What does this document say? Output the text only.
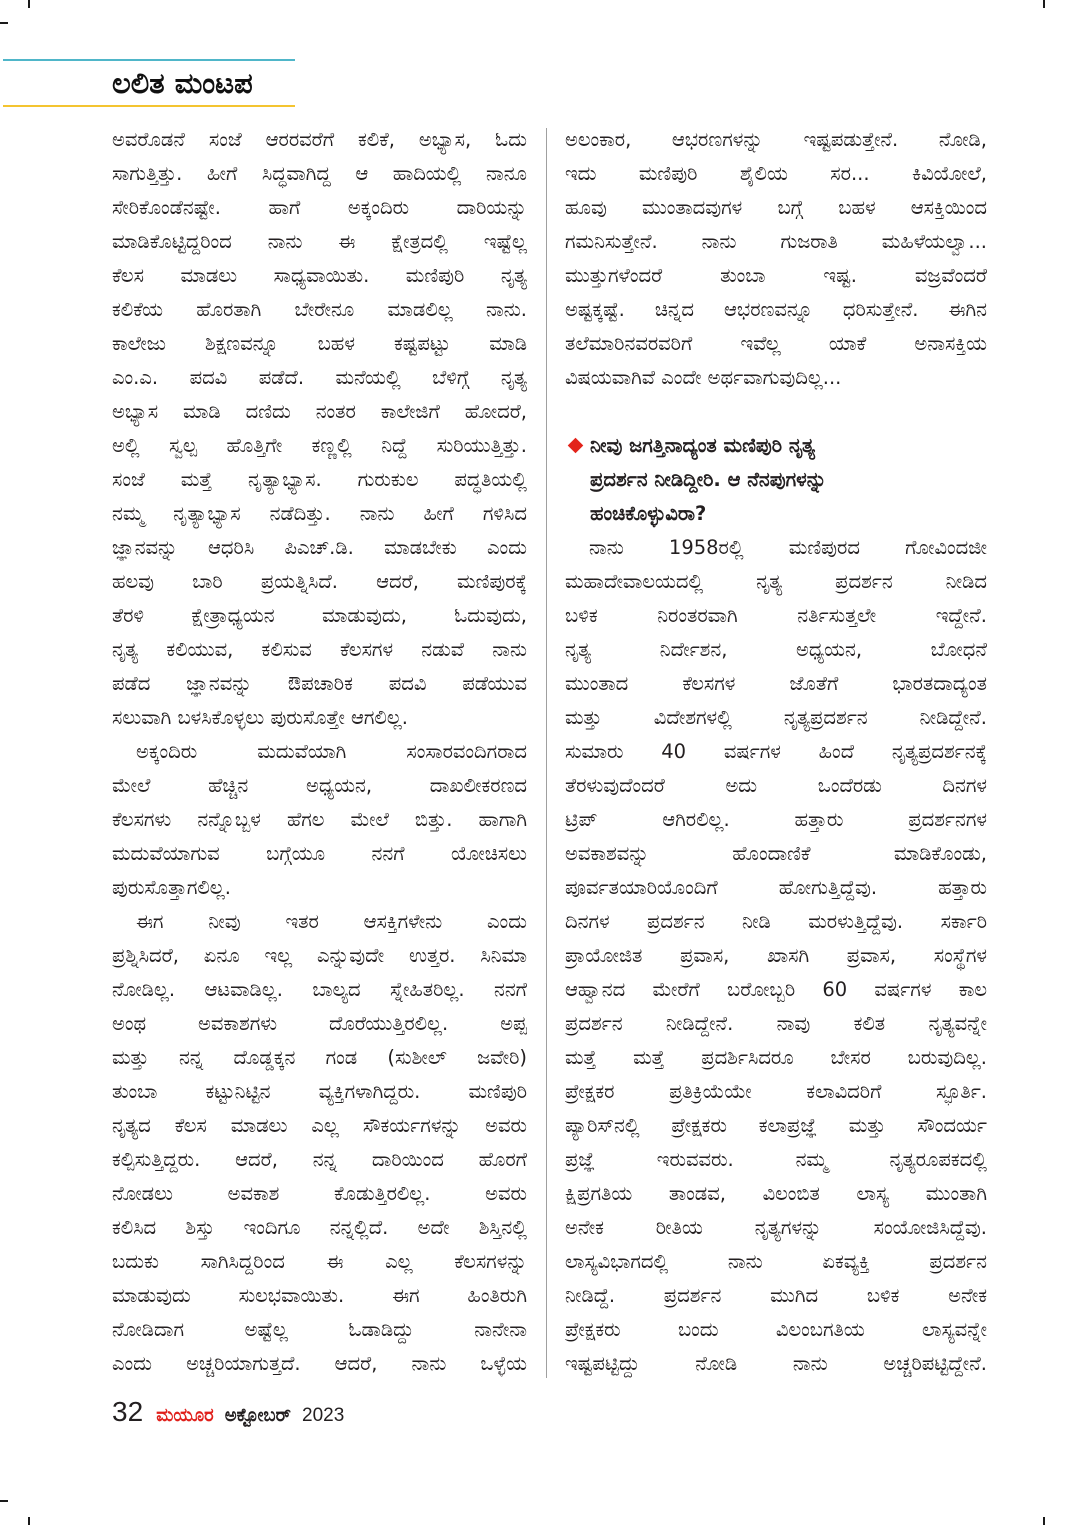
ಲಲಿತ ಮಂಟಪ
ಅವರೊಡನೆ ಸಂಜೆ ಆರರವರೆಗೆ ಕಲಿಕೆ, ಅಭ್ಯಾಸ, ಓದು
ಸಾಗುತ್ತಿತ್ತು. ಹೀಗೆ ಸಿದ್ಧವಾಗಿದ್ದ ಆ ಹಾದಿಯಲ್ಲಿ ನಾನೂ
ಸೇರಿಕೊಂಡೆನಷ್ಟೇ. ಹಾಗೆ ಅಕ್ಕಂದಿರು ದಾರಿಯನ್ನು
ಮಾಡಿಕೊಟ್ಟಿದ್ದರಿಂದ ನಾನು ಈ ಕ್ಷೇತ್ರದಲ್ಲಿ ಇಷ್ಟೆಲ್ಲ
ಕೆಲಸ ಮಾಡಲು ಸಾಧ್ಯವಾಯಿತು. ಮಣಿಪುರಿ ನೃತ್ಯ
ಕಲಿಕೆಯ ಹೊರತಾಗಿ ಬೇರೇನೂ ಮಾಡಲಿಲ್ಲ ನಾನು.
ಕಾಲೇಜು ಶಿಕ್ಷಣವನ್ನೂ ಬಹಳ ಕಷ್ಟಪಟ್ಟು ಮಾಡಿ
ಎಂ.ಎ. ಪದವಿ ಪಡೆದೆ. ಮನೆಯಲ್ಲಿ ಬೆಳಿಗ್ಗೆ ನೃತ್ಯ
ಅಭ್ಯಾಸ ಮಾಡಿ ದಣಿದು ನಂತರ ಕಾಲೇಜಿಗೆ ಹೋದರೆ,
ಅಲ್ಲಿ ಸ್ವಲ್ಪ ಹೊತ್ತಿಗೇ ಕಣ್ಣಲ್ಲಿ ನಿದ್ದೆ ಸುರಿಯುತ್ತಿತ್ತು.
ಸಂಜೆ ಮತ್ತೆ ನೃತ್ಯಾಭ್ಯಾಸ. ಗುರುಕುಲ ಪದ್ಧತಿಯಲ್ಲಿ
ನಮ್ಮ ನೃತ್ಯಾಭ್ಯಾಸ ನಡೆದಿತ್ತು. ನಾನು ಹೀಗೆ ಗಳಿಸಿದ
ಜ್ಞಾನವನ್ನು ಆಧರಿಸಿ ಪಿಎಚ್.ಡಿ. ಮಾಡಬೇಕು ಎಂದು
ಹಲವು ಬಾರಿ ಪ್ರಯತ್ನಿಸಿದೆ. ಆದರೆ, ಮಣಿಪುರಕ್ಕೆ
ತೆರಳಿ ಕ್ಷೇತ್ರಾಧ್ಯಯನ ಮಾಡುವುದು, ಓದುವುದು,
ನೃತ್ಯ ಕಲಿಯುವ, ಕಲಿಸುವ ಕೆಲಸಗಳ ನಡುವೆ ನಾನು
ಪಡೆದ ಜ್ಞಾನವನ್ನು ಔಪಚಾರಿಕ ಪದವಿ ಪಡೆಯುವ
ಸಲುವಾಗಿ ಬಳಸಿಕೊಳ್ಳಲು ಪುರುಸೊತ್ತೇ ಆಗಲಿಲ್ಲ.
ಅಕ್ಕಂದಿರು ಮದುವೆಯಾಗಿ ಸಂಸಾರವಂದಿಗರಾದ
ಮೇಲೆ ಹೆಚ್ಚಿನ ಅಧ್ಯಯನ, ದಾಖಲೀಕರಣದ
ಕೆಲಸಗಳು ನನ್ನೊಬ್ಬಳ ಹೆಗಲ ಮೇಲೆ ಬಿತ್ತು. ಹಾಗಾಗಿ
ಮದುವೆಯಾಗುವ ಬಗ್ಗೆಯೂ ನನಗೆ ಯೋಚಿಸಲು
ಪುರುಸೊತ್ತಾಗಲಿಲ್ಲ.
ಈಗ ನೀವು ಇತರ ಆಸಕ್ತಿಗಳೇನು ಎಂದು
ಪ್ರಶ್ನಿಸಿದರೆ, ಏನೂ ಇಲ್ಲ ಎನ್ನುವುದೇ ಉತ್ತರ. ಸಿನಿಮಾ
ನೋಡಿಲ್ಲ. ಆಟವಾಡಿಲ್ಲ. ಬಾಲ್ಯದ ಸ್ನೇಹಿತರಿಲ್ಲ. ನನಗೆ
ಅಂಥ ಅವಕಾಶಗಳು ದೊರೆಯುತ್ತಿರಲಿಲ್ಲ. ಅಪ್ಪ
ಮತ್ತು ನನ್ನ ದೊಡ್ಡಕ್ಕನ ಗಂಡ (ಸುಶೀಲ್ ಜವೇರಿ)
ತುಂಬಾ ಕಟ್ಟುನಿಟ್ಟಿನ ವ್ಯಕ್ತಿಗಳಾಗಿದ್ದರು. ಮಣಿಪುರಿ
ನೃತ್ಯದ ಕೆಲಸ ಮಾಡಲು ಎಲ್ಲ ಸೌಕರ್ಯಗಳನ್ನು ಅವರು
ಕಲ್ಪಿಸುತ್ತಿದ್ದರು. ಆದರೆ, ನನ್ನ ದಾರಿಯಿಂದ ಹೊರಗೆ
ನೋಡಲು ಅವಕಾಶ ಕೊಡುತ್ತಿರಲಿಲ್ಲ. ಅವರು
ಕಲಿಸಿದ ಶಿಸ್ತು ಇಂದಿಗೂ ನನ್ನಲ್ಲಿದೆ. ಅದೇ ಶಿಸ್ತಿನಲ್ಲಿ
ಬದುಕು ಸಾಗಿಸಿದ್ದರಿಂದ ಈ ಎಲ್ಲ ಕೆಲಸಗಳನ್ನು
ಮಾಡುವುದು ಸುಲಭವಾಯಿತು. ಈಗ ಹಿಂತಿರುಗಿ
ನೋಡಿದಾಗ ಅಷ್ಟೆಲ್ಲ ಓಡಾಡಿದ್ದು ನಾನೇನಾ
ಎಂದು ಅಚ್ಚರಿಯಾಗುತ್ತದೆ. ಆದರೆ, ನಾನು ಒಳ್ಳೆಯ
ಅಲಂಕಾರ, ಆಭರಣಗಳನ್ನು ಇಷ್ಟಪಡುತ್ತೇನೆ. ನೋಡಿ,
ಇದು ಮಣಿಪುರಿ ಶೈಲಿಯ ಸರ... ಕಿವಿಯೋಲೆ,
ಹೂವು ಮುಂತಾದವುಗಳ ಬಗ್ಗೆ ಬಹಳ ಆಸಕ್ತಿಯಿಂದ
ಗಮನಿಸುತ್ತೇನೆ. ನಾನು ಗುಜರಾತಿ ಮಹಿಳೆಯಲ್ವಾ...
ಮುತ್ತುಗಳೆಂದರೆ ತುಂಬಾ ಇಷ್ಟ. ವಜ್ರವೆಂದರೆ
ಅಷ್ಟಕ್ಕಷ್ಟೆ. ಚಿನ್ನದ ಆಭರಣವನ್ನೂ ಧರಿಸುತ್ತೇನೆ. ಈಗಿನ
ತಲೆಮಾರಿನವರವರಿಗೆ ಇವೆಲ್ಲ ಯಾಕೆ ಅನಾಸಕ್ತಿಯ
ವಿಷಯವಾಗಿವೆ ಎಂದೇ ಅರ್ಥವಾಗುವುದಿಲ್ಲ...
ನೀವು ಜಗತ್ತಿನಾದ್ಯಂತ ಮಣಿಪುರಿ ನೃತ್ಯ
ಪ್ರದರ್ಶನ ನೀಡಿದ್ದೀರಿ. ಆ ನೆನಪುಗಳನ್ನು
ಹಂಚಿಕೊಳ್ಳುವಿರಾ?
ನಾನು 1958ರಲ್ಲಿ ಮಣಿಪುರದ ಗೋವಿಂದಜೀ
ಮಹಾದೇವಾಲಯದಲ್ಲಿ ನೃತ್ಯ ಪ್ರದರ್ಶನ ನೀಡಿದ
ಬಳಿಕ ನಿರಂತರವಾಗಿ ನರ್ತಿಸುತ್ತಲೇ ಇದ್ದೇನೆ.
ನೃತ್ಯ ನಿರ್ದೇಶನ, ಅಧ್ಯಯನ, ಬೋಧನೆ
ಮುಂತಾದ ಕೆಲಸಗಳ ಜೊತೆಗೆ ಭಾರತದಾದ್ಯಂತ
ಮತ್ತು ವಿದೇಶಗಳಲ್ಲಿ ನೃತ್ಯಪ್ರದರ್ಶನ ನೀಡಿದ್ದೇನೆ.
ಸುಮಾರು 40 ವರ್ಷಗಳ ಹಿಂದೆ ನೃತ್ಯಪ್ರದರ್ಶನಕ್ಕೆ
ತೆರಳುವುದೆಂದರೆ ಅದು ಒಂದೆರಡು ದಿನಗಳ
ಟ್ರಿಪ್ ಆಗಿರಲಿಲ್ಲ. ಹತ್ತಾರು ಪ್ರದರ್ಶನಗಳ
ಅವಕಾಶವನ್ನು ಹೊಂದಾಣಿಕೆ ಮಾಡಿಕೊಂಡು,
ಪೂರ್ವತಯಾರಿಯೊಂದಿಗೆ ಹೋಗುತ್ತಿದ್ದೆವು. ಹತ್ತಾರು
ದಿನಗಳ ಪ್ರದರ್ಶನ ನೀಡಿ ಮರಳುತ್ತಿದ್ದೆವು. ಸರ್ಕಾರಿ
ಪ್ರಾಯೋಜಿತ ಪ್ರವಾಸ, ಖಾಸಗಿ ಪ್ರವಾಸ, ಸಂಸ್ಥೆಗಳ
ಆಹ್ವಾನದ ಮೇರೆಗೆ ಬರೋಬ್ಬರಿ 60 ವರ್ಷಗಳ ಕಾಲ
ಪ್ರದರ್ಶನ ನೀಡಿದ್ದೇನೆ. ನಾವು ಕಲಿತ ನೃತ್ಯವನ್ನೇ
ಮತ್ತೆ ಮತ್ತೆ ಪ್ರದರ್ಶಿಸಿದರೂ ಬೇಸರ ಬರುವುದಿಲ್ಲ.
ಪ್ರೇಕ್ಷಕರ ಪ್ರತಿಕ್ರಿಯೆಯೇ ಕಲಾವಿದರಿಗೆ ಸ್ಫೂರ್ತಿ.
ಪ್ಯಾರಿಸ್‌ನಲ್ಲಿ ಪ್ರೇಕ್ಷಕರು ಕಲಾಪ್ರಜ್ಞೆ ಮತ್ತು ಸೌಂದರ್ಯ
ಪ್ರಜ್ಞೆ ಇರುವವರು. ನಮ್ಮ ನೃತ್ಯರೂಪಕದಲ್ಲಿ
ಕ್ಷಿಪ್ರಗತಿಯ ತಾಂಡವ, ವಿಲಂಬಿತ ಲಾಸ್ಯ ಮುಂತಾಗಿ
ಅನೇಕ ರೀತಿಯ ನೃತ್ಯಗಳನ್ನು ಸಂಯೋಜಿಸಿದ್ದೆವು.
ಲಾಸ್ಯವಿಭಾಗದಲ್ಲಿ ನಾನು ಏಕವ್ಯಕ್ತಿ ಪ್ರದರ್ಶನ
ನೀಡಿದ್ದೆ. ಪ್ರದರ್ಶನ ಮುಗಿದ ಬಳಿಕ ಅನೇಕ
ಪ್ರೇಕ್ಷಕರು ಬಂದು ವಿಲಂಬಗತಿಯ ಲಾಸ್ಯವನ್ನೇ
ಇಷ್ಟಪಟ್ಟಿದ್ದು ನೋಡಿ ನಾನು ಅಚ್ಚರಿಪಟ್ಟಿದ್ದೇನೆ.
32 ಮಯೂರ ಅಕ್ಟೋಬರ್ 2023
